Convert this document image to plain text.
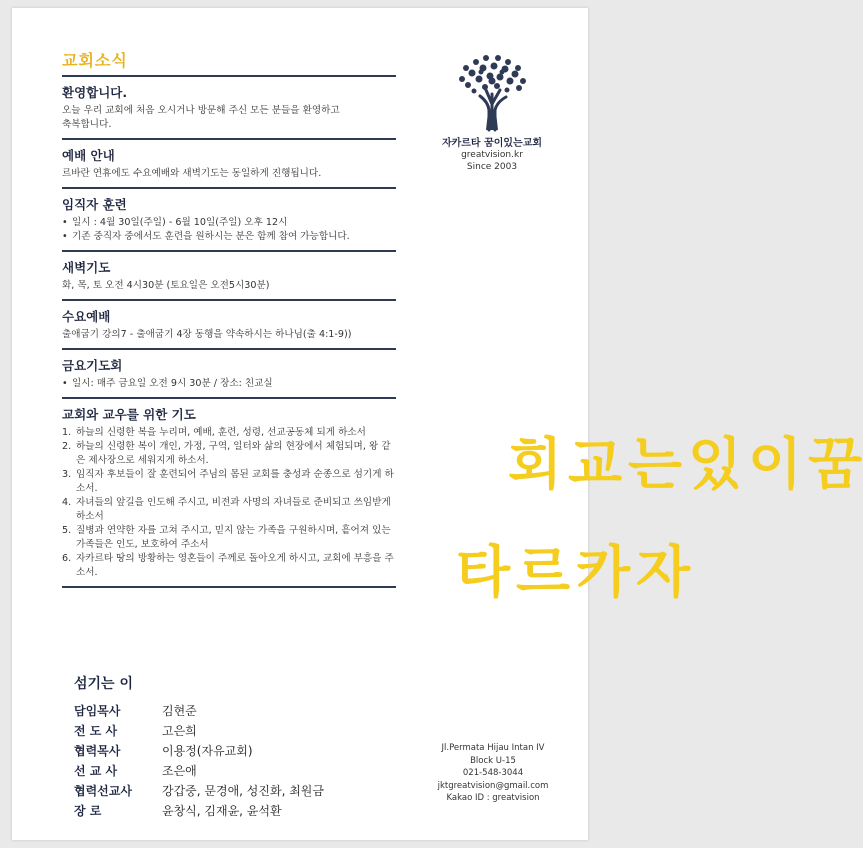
교회소식
환영합니다.
오늘 우리 교회에 처음 오시거나 방문해 주신 모든 분들을 환영하고
축복합니다.
예배 안내
르바란 연휴에도 수요예배와 새벽기도는 동일하게 진행됩니다.
임직자 훈련
• 일시 : 4월 30일(주일) - 6월 10일(주일) 오후 12시
• 기존 중직자 중에서도 훈련을 원하시는 분은 함께 참여 가능합니다.
새벽기도
화, 목, 토 오전 4시30분 (토요일은 오전5시30분)
수요예배
출애굽기 강의7 - 출애굽기 4장 동행을 약속하시는 하나님(출 4:1-9))
금요기도회
• 일시: 매주 금요일 오전 9시 30분 / 장소: 친교실
교회와 교우를 위한 기도
1. 하늘의 신령한 복을 누리며, 예배, 훈련, 성령, 선교공동체 되게 하소서
2. 하늘의 신령한 복이 개인, 가정, 구역, 일터와 삶의 현장에서 체험되며, 왕 같은 제사장으로 세워지게 하소서.
3. 임직자 후보들이 잘 훈련되어 주님의 몸된 교회를 충성과 순종으로 섬기게 하소서.
4. 자녀들의 앞길을 인도해 주시고, 비전과 사명의 자녀들로 준비되고 쓰임받게 하소서
5. 질병과 연약한 자를 고쳐 주시고, 믿지 않는 가족을 구원하시며, 흩어져 있는 가족들은 인도, 보호하여 주소서
6. 자카르타 땅의 방황하는 영혼들이 주께로 돌아오게 하시고, 교회에 부흥을 주소서.
섬기는 이
담임목사	김현준
전 도 사	고은희
협력목사	이용정(자유교회)
선 교 사	조은애
협력선교사	강갑중, 문경애, 성진화, 최원금
장 로	윤창식, 김재윤, 윤석환
자카르타 꿈이있는교회
greatvision.kr
Since 2003
자카르타
꿈이있는교회
Jl.Permata Hijau Intan IV
Block U-15
021-548-3044
jktgreatvision@gmail.com
Kakao ID : greatvision
